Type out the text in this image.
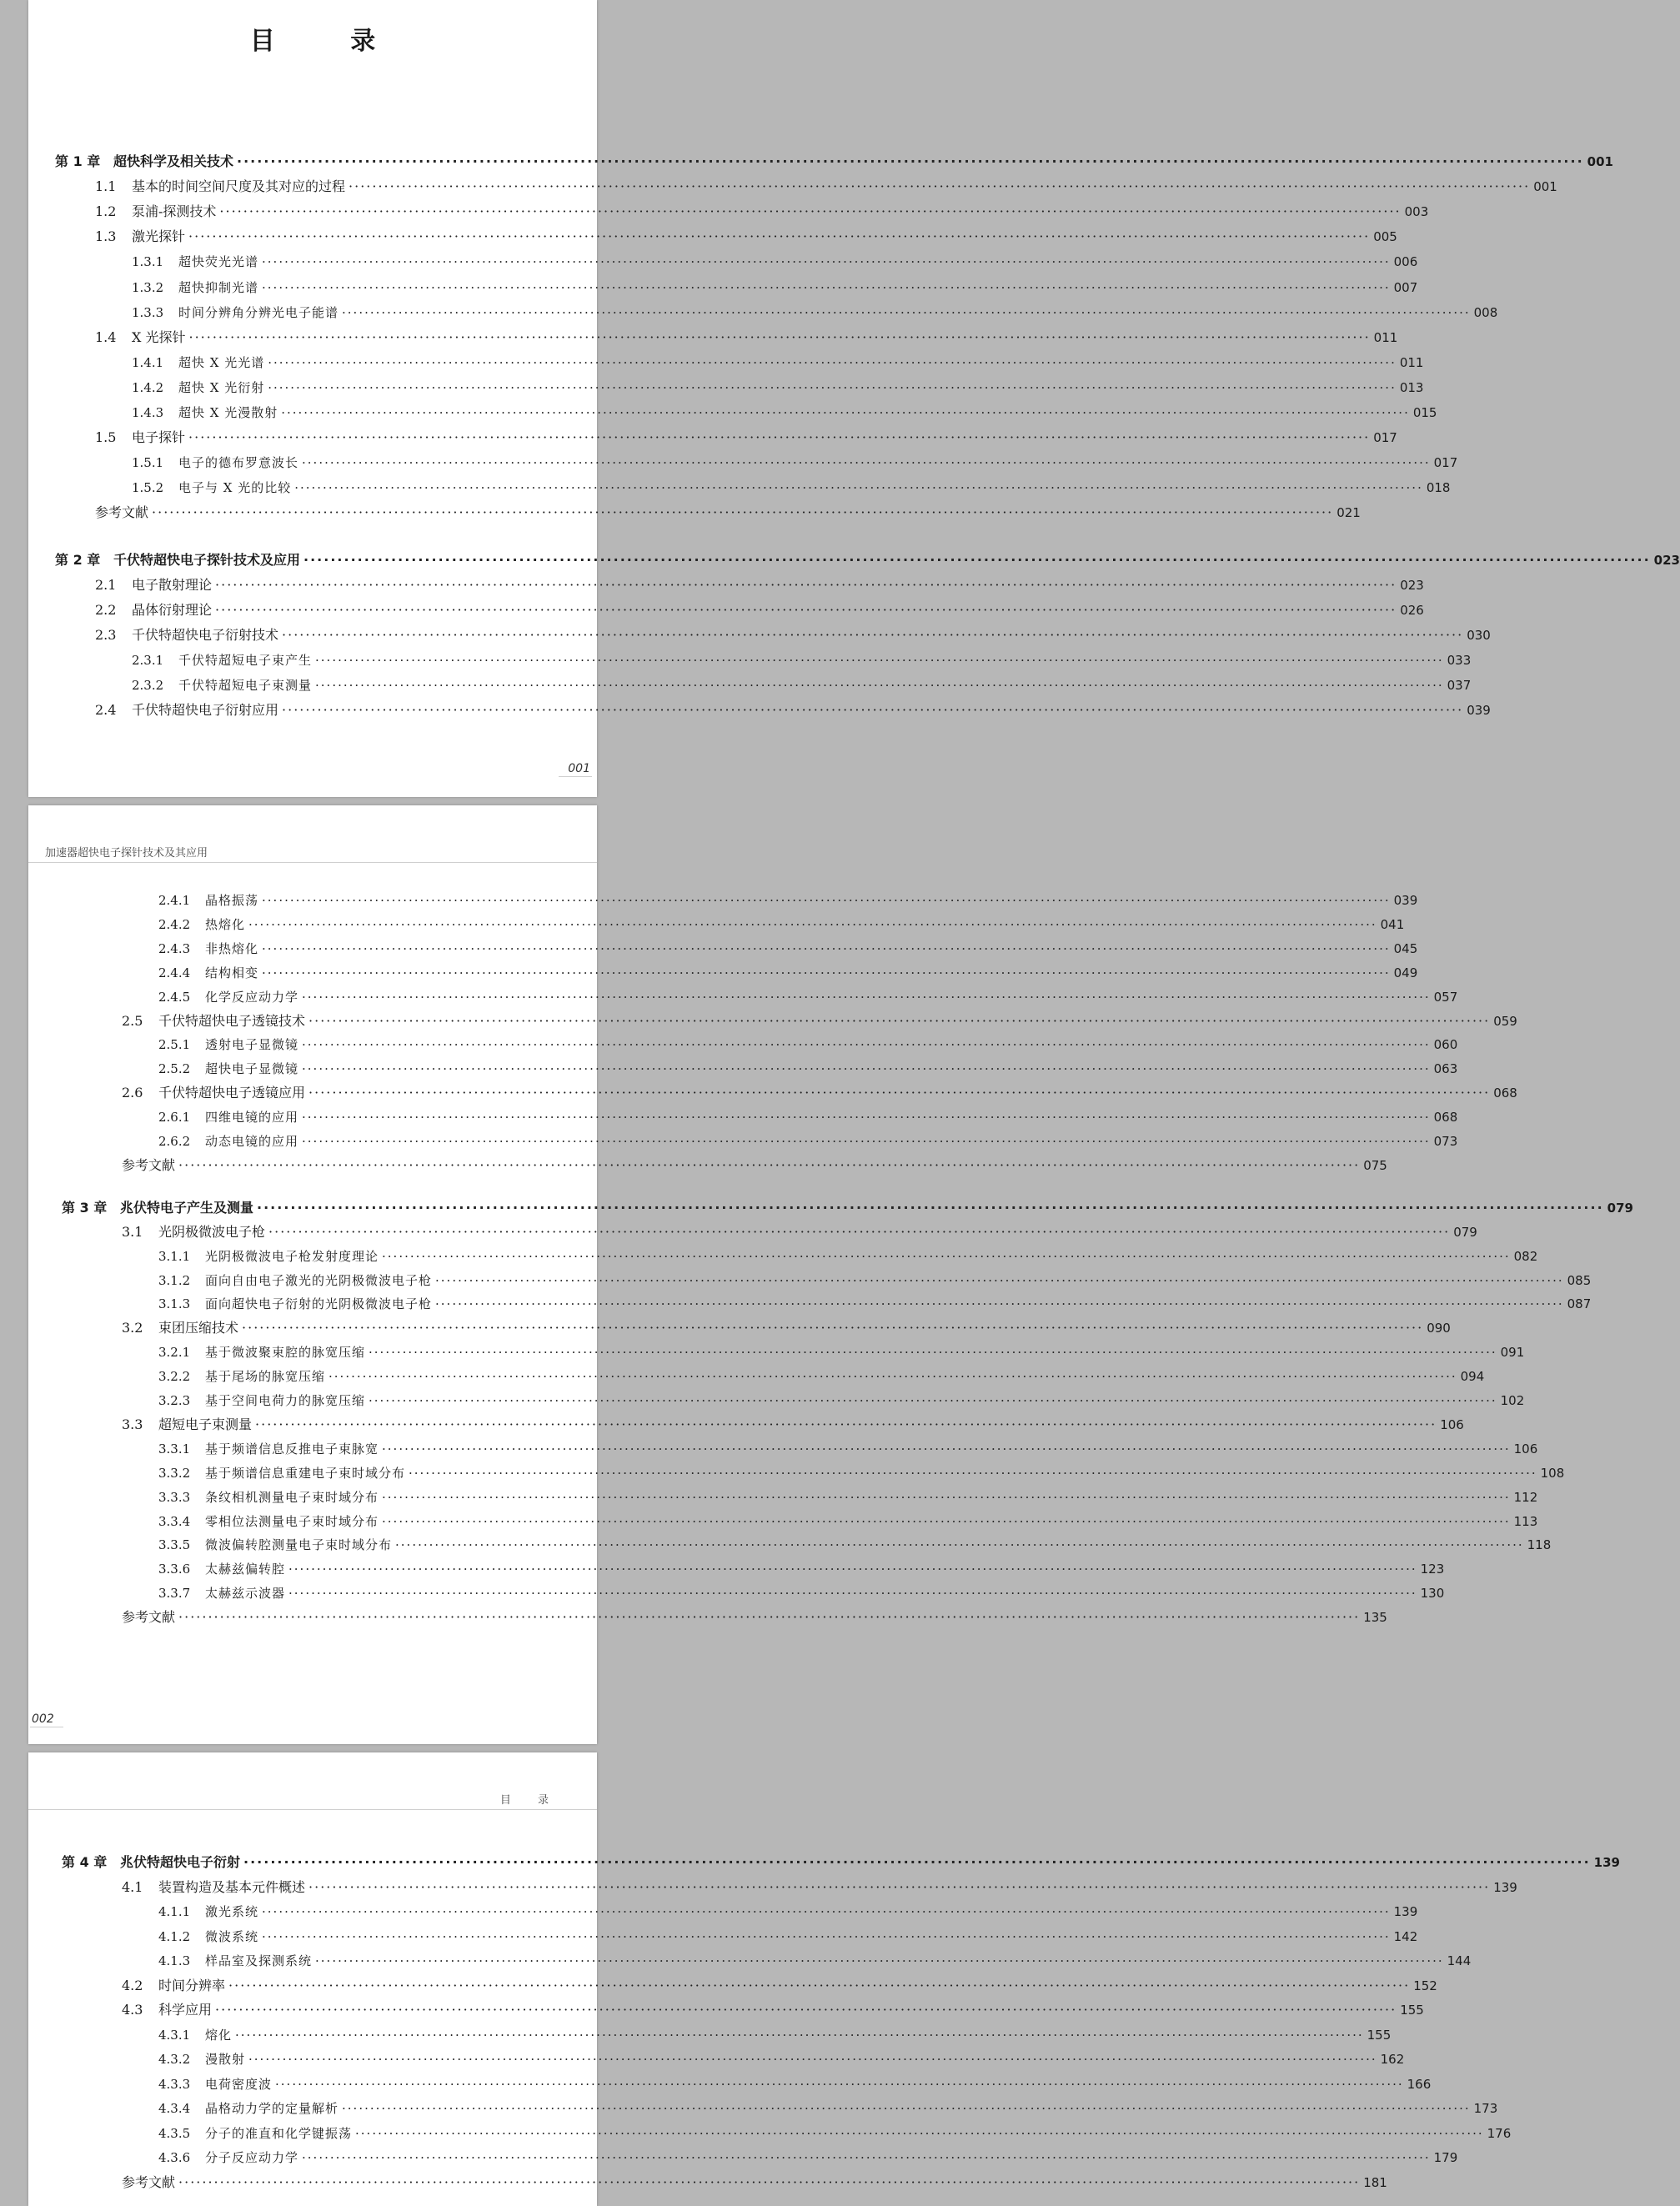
目 录
第 1 章 超快科学及相关技术 ········································································································································································································ 001
1.1	基本的时间空间尺度及其对应的过程 ········································································································································································································ 001
1.2	泵浦-探测技术 ········································································································································································································ 003
1.3	激光探针 ········································································································································································································ 005
1.3.1	超快荧光光谱 ········································································································································································································ 006
1.3.2	超快抑制光谱 ········································································································································································································ 007
1.3.3	时间分辨角分辨光电子能谱 ········································································································································································································ 008
1.4	X 光探针 ········································································································································································································ 011
1.4.1	超快 X 光光谱 ········································································································································································································ 011
1.4.2	超快 X 光衍射 ········································································································································································································ 013
1.4.3	超快 X 光漫散射 ········································································································································································································ 015
1.5	电子探针 ········································································································································································································ 017
1.5.1	电子的德布罗意波长 ········································································································································································································ 017
1.5.2	电子与 X 光的比较 ········································································································································································································ 018
参考文献 ········································································································································································································ 021
第 2 章 千伏特超快电子探针技术及应用 ········································································································································································································ 023
2.1	电子散射理论 ········································································································································································································ 023
2.2	晶体衍射理论 ········································································································································································································ 026
2.3	千伏特超快电子衍射技术 ········································································································································································································ 030
2.3.1	千伏特超短电子束产生 ········································································································································································································ 033
2.3.2	千伏特超短电子束测量 ········································································································································································································ 037
2.4	千伏特超快电子衍射应用 ········································································································································································································ 039
001
加速器超快电子探针技术及其应用
2.4.1	晶格振荡 ········································································································································································································ 039
2.4.2	热熔化 ········································································································································································································ 041
2.4.3	非热熔化 ········································································································································································································ 045
2.4.4	结构相变 ········································································································································································································ 049
2.4.5	化学反应动力学 ········································································································································································································ 057
2.5	千伏特超快电子透镜技术 ········································································································································································································ 059
2.5.1	透射电子显微镜 ········································································································································································································ 060
2.5.2	超快电子显微镜 ········································································································································································································ 063
2.6	千伏特超快电子透镜应用 ········································································································································································································ 068
2.6.1	四维电镜的应用 ········································································································································································································ 068
2.6.2	动态电镜的应用 ········································································································································································································ 073
参考文献 ········································································································································································································ 075
第 3 章 兆伏特电子产生及测量 ········································································································································································································ 079
3.1	光阴极微波电子枪 ········································································································································································································ 079
3.1.1	光阴极微波电子枪发射度理论 ········································································································································································································ 082
3.1.2	面向自由电子激光的光阴极微波电子枪 ········································································································································································································ 085
3.1.3	面向超快电子衍射的光阴极微波电子枪 ········································································································································································································ 087
3.2	束团压缩技术 ········································································································································································································ 090
3.2.1	基于微波聚束腔的脉宽压缩 ········································································································································································································ 091
3.2.2	基于尾场的脉宽压缩 ········································································································································································································ 094
3.2.3	基于空间电荷力的脉宽压缩 ········································································································································································································ 102
3.3	超短电子束测量 ········································································································································································································ 106
3.3.1	基于频谱信息反推电子束脉宽 ········································································································································································································ 106
3.3.2	基于频谱信息重建电子束时域分布 ········································································································································································································ 108
3.3.3	条纹相机测量电子束时域分布 ········································································································································································································ 112
3.3.4	零相位法测量电子束时域分布 ········································································································································································································ 113
3.3.5	微波偏转腔测量电子束时域分布 ········································································································································································································ 118
3.3.6	太赫兹偏转腔 ········································································································································································································ 123
3.3.7	太赫兹示波器 ········································································································································································································ 130
参考文献 ········································································································································································································ 135
002
目 录
第 4 章 兆伏特超快电子衍射 ········································································································································································································ 139
4.1	装置构造及基本元件概述 ········································································································································································································ 139
4.1.1	激光系统 ········································································································································································································ 139
4.1.2	微波系统 ········································································································································································································ 142
4.1.3	样品室及探测系统 ········································································································································································································ 144
4.2	时间分辨率 ········································································································································································································ 152
4.3	科学应用 ········································································································································································································ 155
4.3.1	熔化 ········································································································································································································ 155
4.3.2	漫散射 ········································································································································································································ 162
4.3.3	电荷密度波 ········································································································································································································ 166
4.3.4	晶格动力学的定量解析 ········································································································································································································ 173
4.3.5	分子的准直和化学键振荡 ········································································································································································································ 176
4.3.6	分子反应动力学 ········································································································································································································ 179
参考文献 ········································································································································································································ 181
